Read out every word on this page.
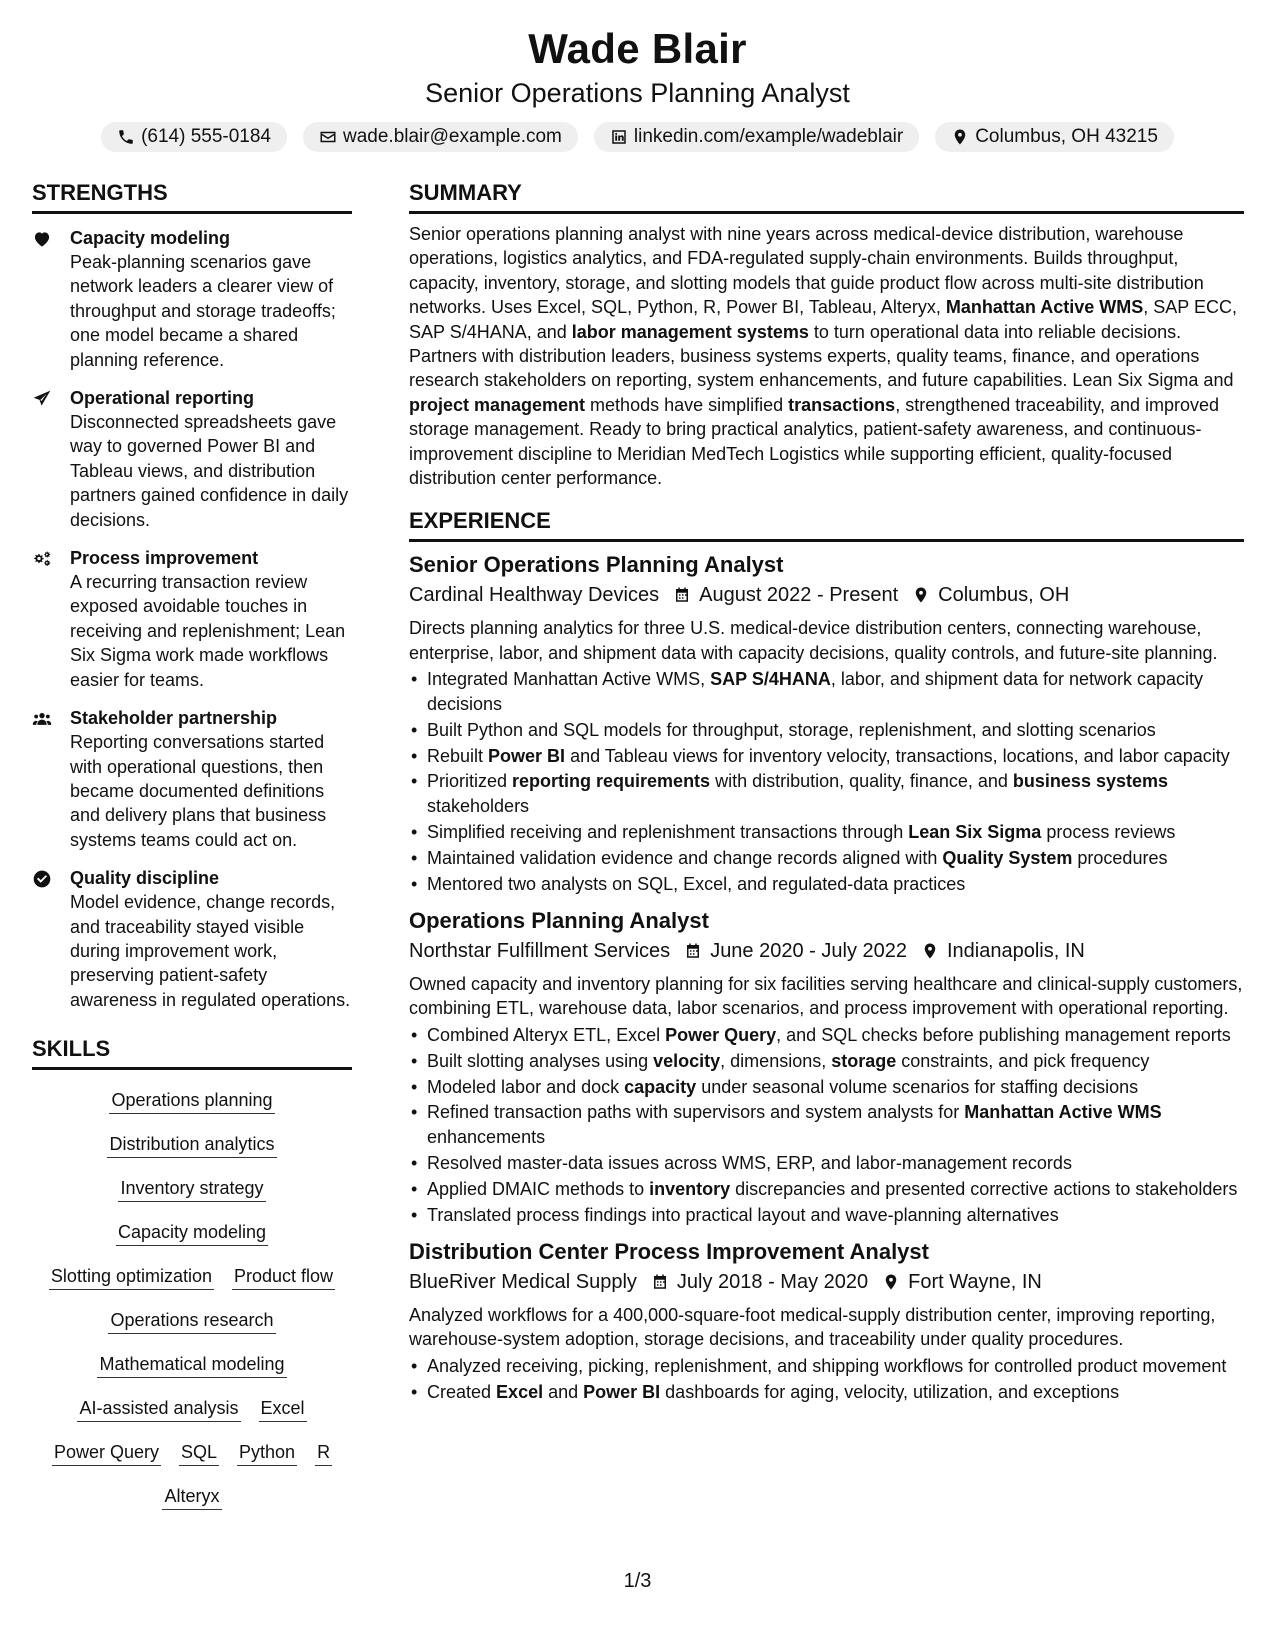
Wade Blair
Senior Operations Planning Analyst
(614) 555-0184	wade.blair@example.com	linkedin.com/example/wadeblair	Columbus, OH 43215
STRENGTHS
Capacity modeling
Peak-planning scenarios gave network leaders a clearer view of throughput and storage tradeoffs; one model became a shared planning reference.
Operational reporting
Disconnected spreadsheets gave way to governed Power BI and Tableau views, and distribution partners gained confidence in daily decisions.
Process improvement
A recurring transaction review exposed avoidable touches in receiving and replenishment; Lean Six Sigma work made workflows easier for teams.
Stakeholder partnership
Reporting conversations started with operational questions, then became documented definitions and delivery plans that business systems teams could act on.
Quality discipline
Model evidence, change records, and traceability stayed visible during improvement work, preserving patient-safety awareness in regulated operations.
SKILLS
Operations planning
Distribution analytics
Inventory strategy
Capacity modeling
Slotting optimization Product flow
Operations research
Mathematical modeling
AI-assisted analysis Excel
Power Query SQL Python R
Alteryx
SUMMARY
Senior operations planning analyst with nine years across medical-device distribution, warehouse operations, logistics analytics, and FDA-regulated supply-chain environments. Builds throughput, capacity, inventory, storage, and slotting models that guide product flow across multi-site distribution networks. Uses Excel, SQL, Python, R, Power BI, Tableau, Alteryx, Manhattan Active WMS, SAP ECC, SAP S/4HANA, and labor management systems to turn operational data into reliable decisions. Partners with distribution leaders, business systems experts, quality teams, finance, and operations research stakeholders on reporting, system enhancements, and future capabilities. Lean Six Sigma and project management methods have simplified transactions, strengthened traceability, and improved storage management. Ready to bring practical analytics, patient-safety awareness, and continuous-improvement discipline to Meridian MedTech Logistics while supporting efficient, quality-focused distribution center performance.
EXPERIENCE
Senior Operations Planning Analyst
Cardinal Healthway Devices August 2022 - Present Columbus, OH
Directs planning analytics for three U.S. medical-device distribution centers, connecting warehouse, enterprise, labor, and shipment data with capacity decisions, quality controls, and future-site planning.
• Integrated Manhattan Active WMS, SAP S/4HANA, labor, and shipment data for network capacity decisions
• Built Python and SQL models for throughput, storage, replenishment, and slotting scenarios
• Rebuilt Power BI and Tableau views for inventory velocity, transactions, locations, and labor capacity
• Prioritized reporting requirements with distribution, quality, finance, and business systems stakeholders
• Simplified receiving and replenishment transactions through Lean Six Sigma process reviews
• Maintained validation evidence and change records aligned with Quality System procedures
• Mentored two analysts on SQL, Excel, and regulated-data practices
Operations Planning Analyst
Northstar Fulfillment Services June 2020 - July 2022 Indianapolis, IN
Owned capacity and inventory planning for six facilities serving healthcare and clinical-supply customers, combining ETL, warehouse data, labor scenarios, and process improvement with operational reporting.
• Combined Alteryx ETL, Excel Power Query, and SQL checks before publishing management reports
• Built slotting analyses using velocity, dimensions, storage constraints, and pick frequency
• Modeled labor and dock capacity under seasonal volume scenarios for staffing decisions
• Refined transaction paths with supervisors and system analysts for Manhattan Active WMS enhancements
• Resolved master-data issues across WMS, ERP, and labor-management records
• Applied DMAIC methods to inventory discrepancies and presented corrective actions to stakeholders
• Translated process findings into practical layout and wave-planning alternatives
Distribution Center Process Improvement Analyst
BlueRiver Medical Supply July 2018 - May 2020 Fort Wayne, IN
Analyzed workflows for a 400,000-square-foot medical-supply distribution center, improving reporting, warehouse-system adoption, storage decisions, and traceability under quality procedures.
• Analyzed receiving, picking, replenishment, and shipping workflows for controlled product movement
• Created Excel and Power BI dashboards for aging, velocity, utilization, and exceptions
1/3
